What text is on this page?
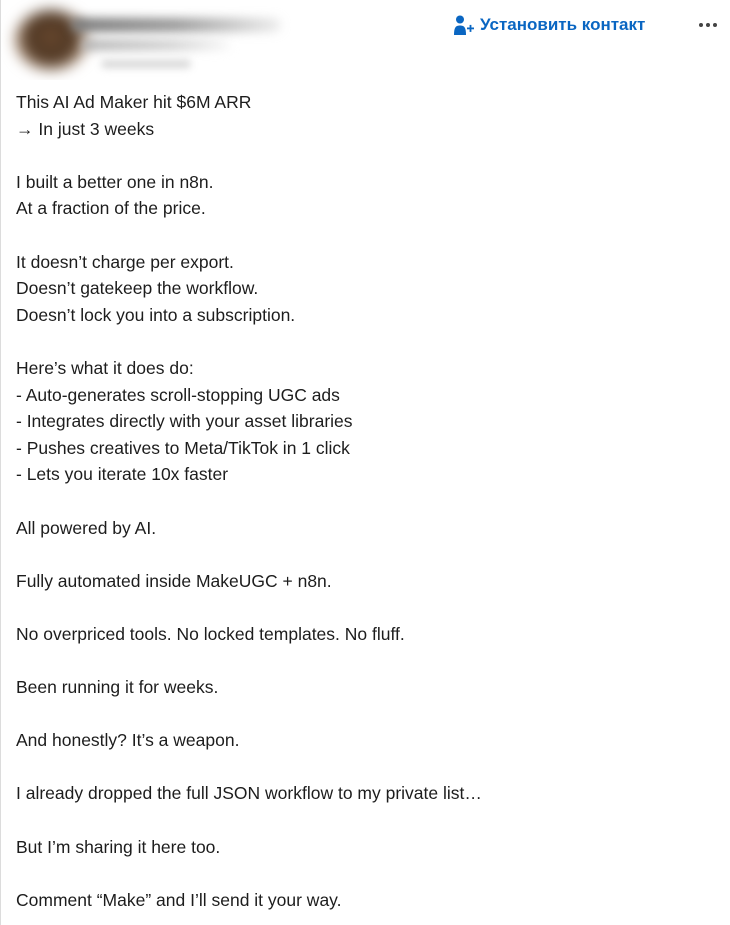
Установить контакт
This AI Ad Maker hit $6M ARR
→ In just 3 weeks
I built a better one in n8n.
At a fraction of the price.
It doesn’t charge per export.
Doesn’t gatekeep the workflow.
Doesn’t lock you into a subscription.
Here’s what it does do:
- Auto-generates scroll-stopping UGC ads
- Integrates directly with your asset libraries
- Pushes creatives to Meta/TikTok in 1 click
- Lets you iterate 10x faster
All powered by AI.
Fully automated inside MakeUGC + n8n.
No overpriced tools. No locked templates. No fluff.
Been running it for weeks.
And honestly? It’s a weapon.
I already dropped the full JSON workflow to my private list…
But I’m sharing it here too.
Comment “Make” and I’ll send it your way.
